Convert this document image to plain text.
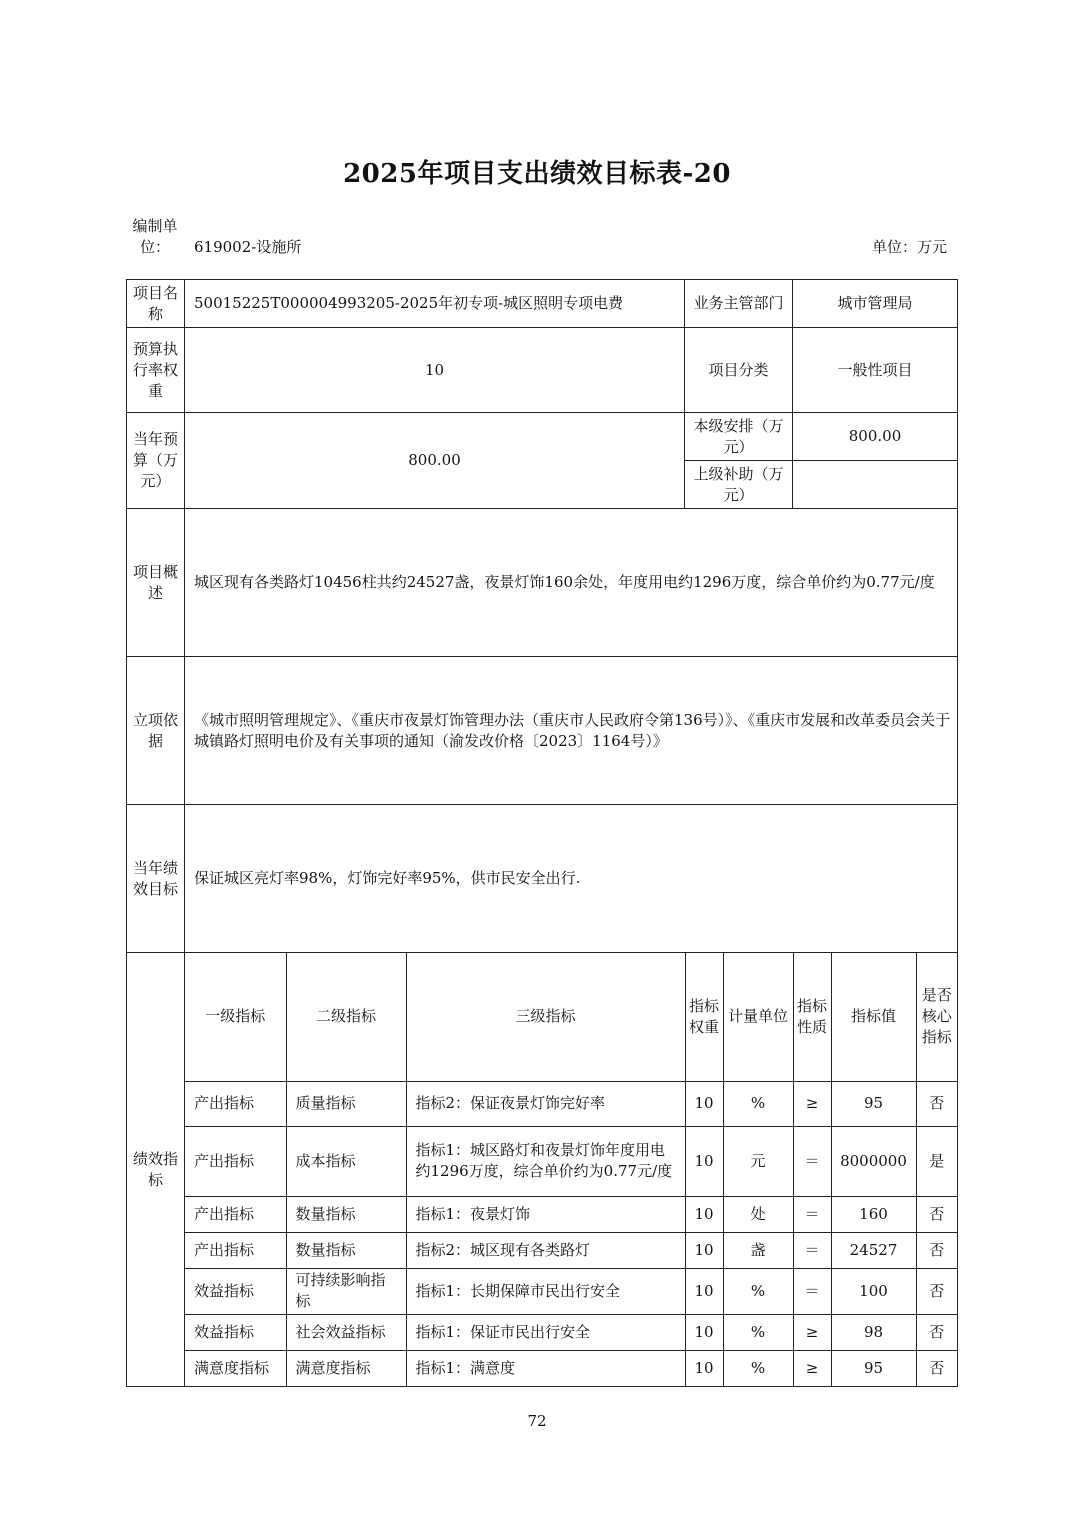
2025年项目支出绩效目标表-20
编制单位：	619002-设施所	单位：万元
项目名称	50015225T000004993205-2025年初专项-城区照明专项电费	业务主管部门	城市管理局
预算执行率权重	10	项目分类	一般性项目
当年预算（万元）	800.00	本级安排（万元）	800.00
上级补助（万元）	
项目概述	城区现有各类路灯10456柱共约24527盏，夜景灯饰160余处，年度用电约1296万度，综合单价约为0.77元/度
立项依据	《城市照明管理规定》、《重庆市夜景灯饰管理办法（重庆市人民政府令第136号）》、《重庆市发展和改革委员会关于城镇路灯照明电价及有关事项的通知（渝发改价格〔2023〕1164号）》
当年绩效目标	保证城区亮灯率98%，灯饰完好率95%，供市民安全出行.
绩效指标	
一级指标	二级指标	三级指标	指标权重	计量单位	指标性质	指标值	是否核心指标
产出指标	质量指标	指标2：保证夜景灯饰完好率	10	%	≥	95	否
产出指标	成本指标	指标1：城区路灯和夜景灯饰年度用电约1296万度，综合单价约为0.77元/度	10	元	＝	8000000	是
产出指标	数量指标	指标1：夜景灯饰	10	处	＝	160	否
产出指标	数量指标	指标2：城区现有各类路灯	10	盏	＝	24527	否
效益指标	可持续影响指标	指标1：长期保障市民出行安全	10	%	＝	100	否
效益指标	社会效益指标	指标1：保证市民出行安全	10	%	≥	98	否
满意度指标	满意度指标	指标1：满意度	10	%	≥	95	否
72
